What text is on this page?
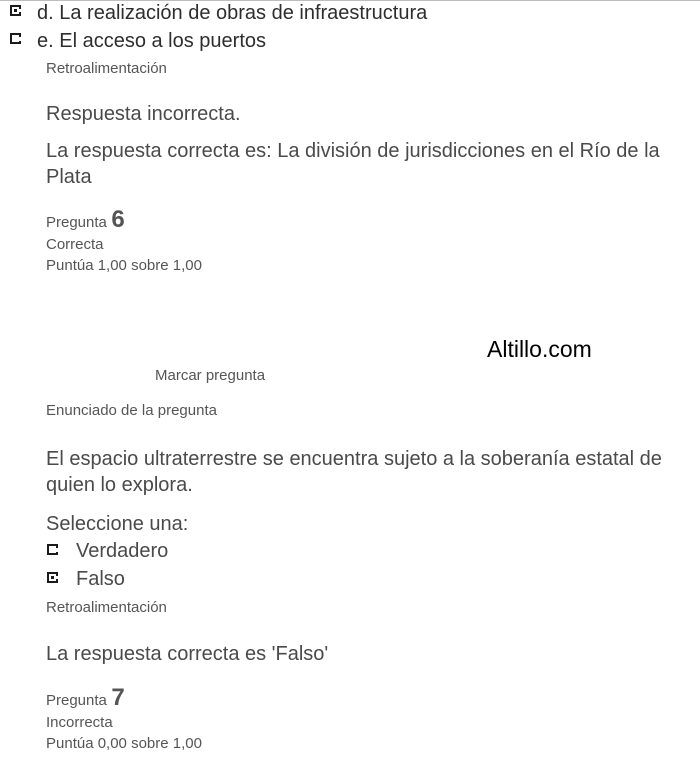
d. La realización de obras de infraestructura
e. El acceso a los puertos
Retroalimentación
Respuesta incorrecta.
La respuesta correcta es: La división de jurisdicciones en el Río de la Plata
Pregunta 6
Correcta
Puntúa 1,00 sobre 1,00
Altillo.com
Marcar pregunta
Enunciado de la pregunta
El espacio ultraterrestre se encuentra sujeto a la soberanía estatal de quien lo explora.
Seleccione una:
Verdadero
Falso
Retroalimentación
La respuesta correcta es 'Falso'
Pregunta 7
Incorrecta
Puntúa 0,00 sobre 1,00
